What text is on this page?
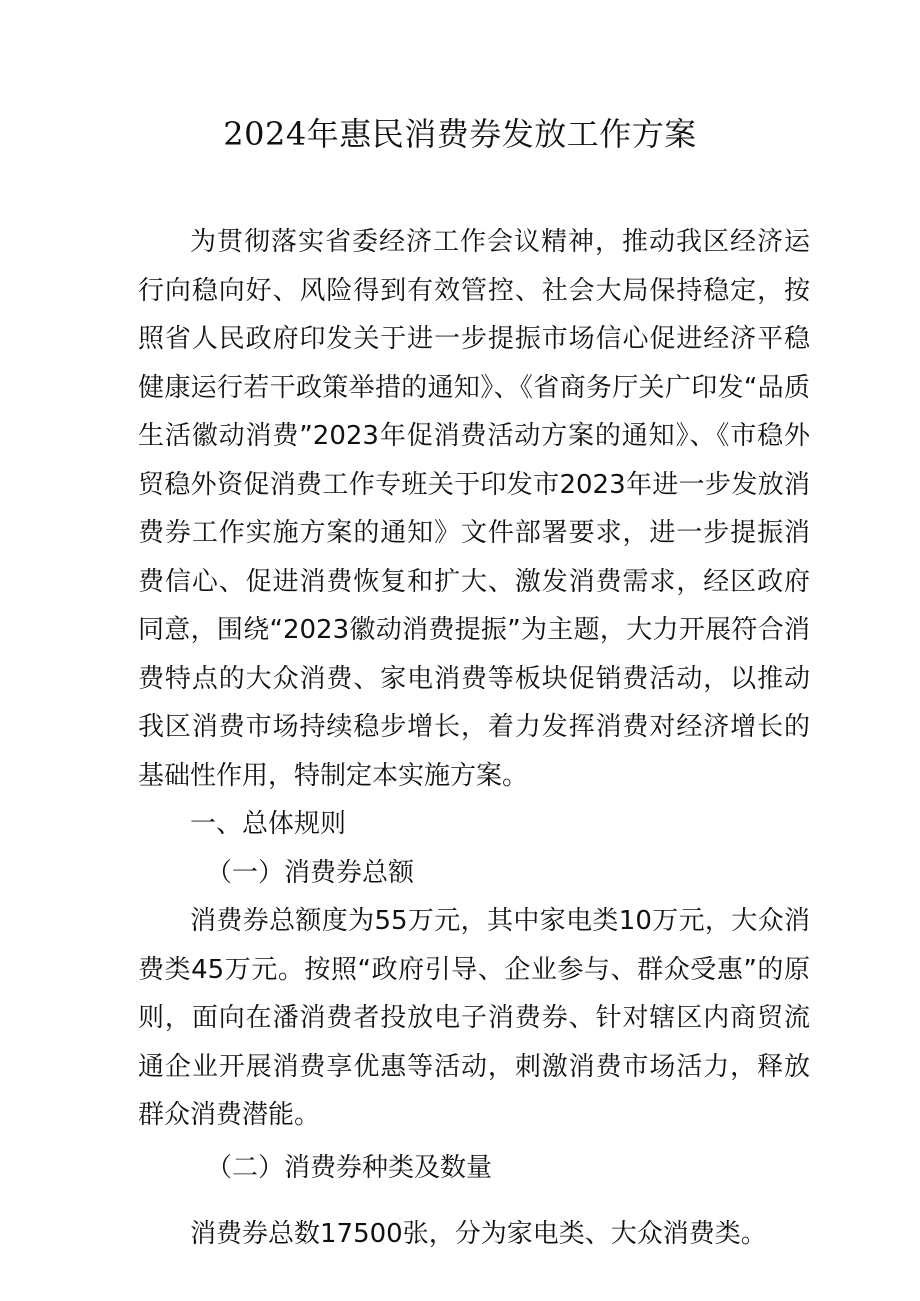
2024年惠民消费券发放工作方案

为贯彻落实省委经济工作会议精神，推动我区经济运行向稳向好、风险得到有效管控、社会大局保持稳定，按照省人民政府印发关于进一步提振市场信心促进经济平稳健康运行若干政策举措的通知》、《省商务厅关广印发“品质生活徽动消费”2023年促消费活动方案的通知》、《市稳外贸稳外资促消费工作专班关于印发市2023年进一步发放消费券工作实施方案的通知》文件部署要求，进一步提振消费信心、促进消费恢复和扩大、激发消费需求，经区政府同意，围绕“2023徽动消费提振”为主题，大力开展符合消费特点的大众消费、家电消费等板块促销费活动，以推动我区消费市场持续稳步增长，着力发挥消费对经济增长的基础性作用，特制定本实施方案。

一、总体规则

（一）消费券总额

消费券总额度为55万元，其中家电类10万元，大众消费类45万元。按照“政府引导、企业参与、群众受惠”的原则，面向在潘消费者投放电子消费券、针对辖区内商贸流通企业开展消费享优惠等活动，刺激消费市场活力，释放群众消费潜能。

（二）消费券种类及数量

消费券总数17500张，分为家电类、大众消费类。
